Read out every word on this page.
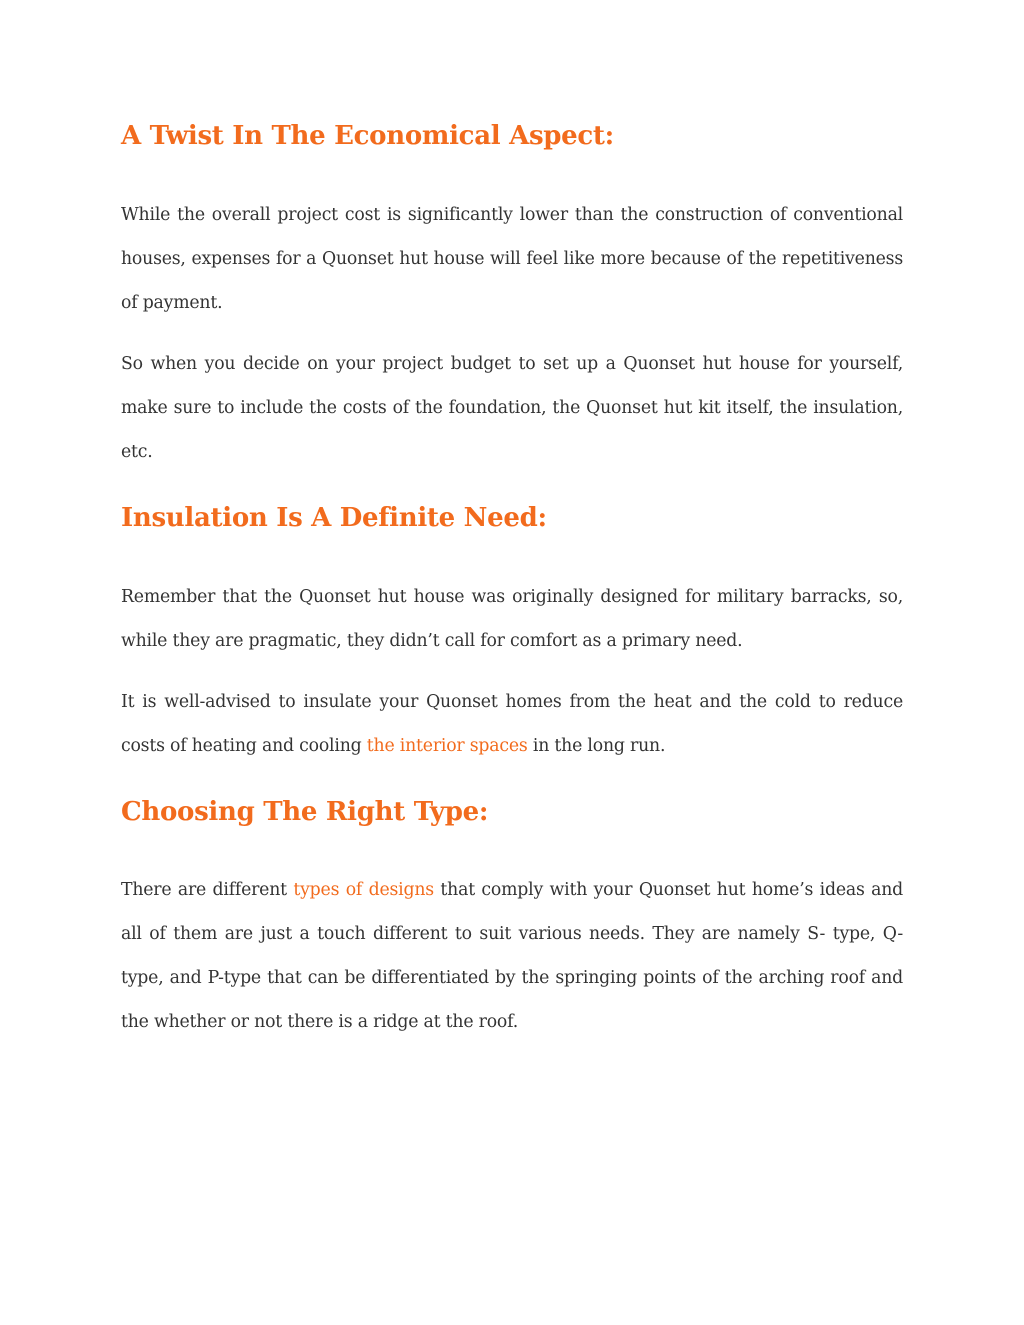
A Twist In The Economical Aspect:

While the overall project cost is significantly lower than the construction of conventional houses, expenses for a Quonset hut house will feel like more because of the repetitiveness of payment.

So when you decide on your project budget to set up a Quonset hut house for yourself, make sure to include the costs of the foundation, the Quonset hut kit itself, the insulation, etc.

Insulation Is A Definite Need:

Remember that the Quonset hut house was originally designed for military barracks, so, while they are pragmatic, they didn’t call for comfort as a primary need.

It is well-advised to insulate your Quonset homes from the heat and the cold to reduce costs of heating and cooling the interior spaces in the long run.

Choosing The Right Type:

There are different types of designs that comply with your Quonset hut home’s ideas and all of them are just a touch different to suit various needs. They are namely S- type, Q-type, and P-type that can be differentiated by the springing points of the arching roof and the whether or not there is a ridge at the roof.
